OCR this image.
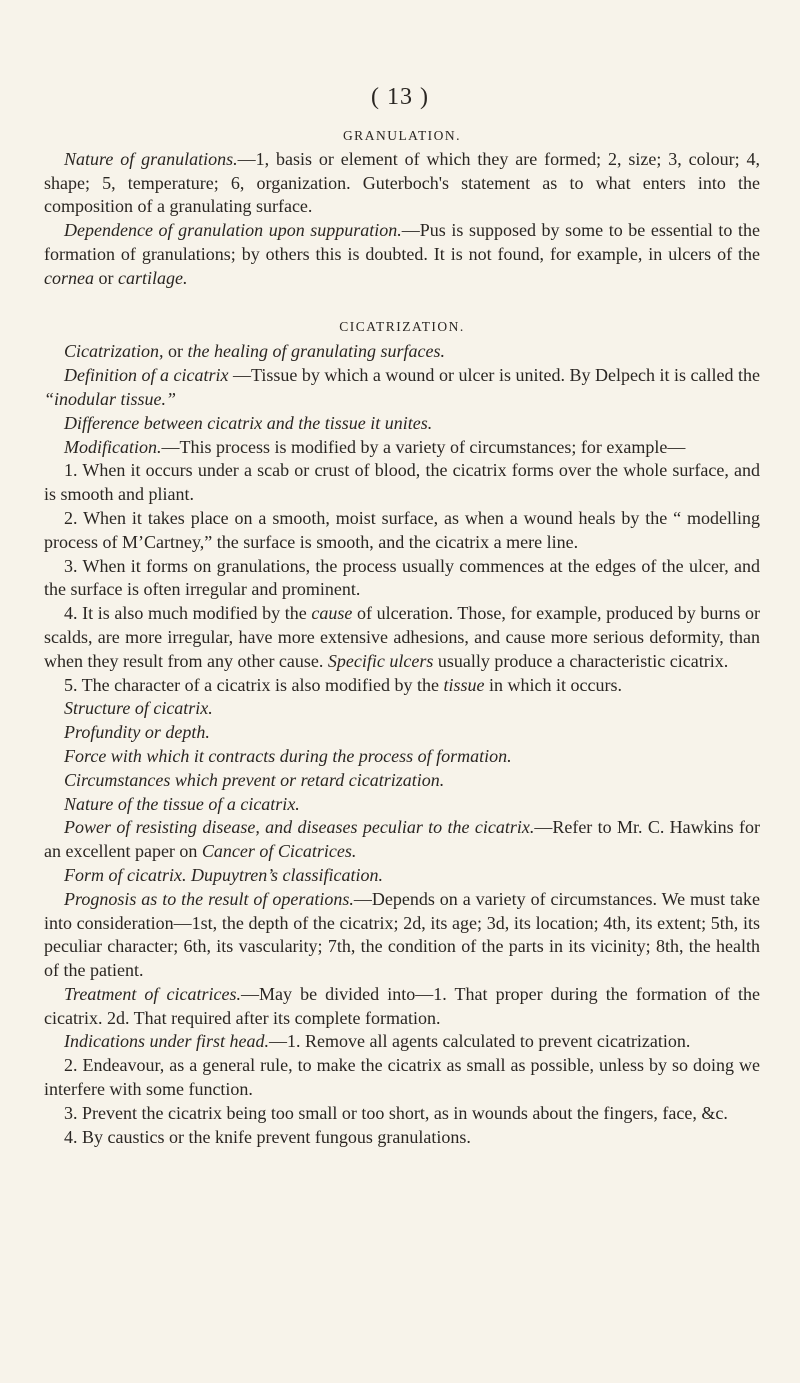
( 13 )

GRANULATION.

Nature of granulations.—1, basis or element of which they are formed; 2, size; 3, colour; 4, shape; 5, temperature; 6, organization. Guterboch's statement as to what enters into the composition of a granulating surface.

Dependence of granulation upon suppuration.—Pus is supposed by some to be essential to the formation of granulations; by others this is doubted. It is not found, for example, in ulcers of the cornea or cartilage.

CICATRIZATION.

Cicatrization, or the healing of granulating surfaces.

Definition of a cicatrix —Tissue by which a wound or ulcer is united. By Delpech it is called the “inodular tissue.”

Difference between cicatrix and the tissue it unites.

Modification.—This process is modified by a variety of circumstances; for example—

1. When it occurs under a scab or crust of blood, the cicatrix forms over the whole surface, and is smooth and pliant.

2. When it takes place on a smooth, moist surface, as when a wound heals by the “ modelling process of M’Cartney,” the surface is smooth, and the cicatrix a mere line.

3. When it forms on granulations, the process usually commences at the edges of the ulcer, and the surface is often irregular and prominent.

4. It is also much modified by the cause of ulceration. Those, for example, produced by burns or scalds, are more irregular, have more extensive adhesions, and cause more serious deformity, than when they result from any other cause. Specific ulcers usually produce a characteristic cicatrix.

5. The character of a cicatrix is also modified by the tissue in which it occurs.

Structure of cicatrix.

Profundity or depth.

Force with which it contracts during the process of formation.

Circumstances which prevent or retard cicatrization.

Nature of the tissue of a cicatrix.

Power of resisting disease, and diseases peculiar to the cicatrix.—Refer to Mr. C. Hawkins for an excellent paper on Cancer of Cicatrices.

Form of cicatrix. Dupuytren’s classification.

Prognosis as to the result of operations.—Depends on a variety of circumstances. We must take into consideration—1st, the depth of the cicatrix; 2d, its age; 3d, its location; 4th, its extent; 5th, its peculiar character; 6th, its vascularity; 7th, the condition of the parts in its vicinity; 8th, the health of the patient.

Treatment of cicatrices.—May be divided into—1. That proper during the formation of the cicatrix. 2d. That required after its complete formation.

Indications under first head.—1. Remove all agents calculated to prevent cicatrization.

2. Endeavour, as a general rule, to make the cicatrix as small as possible, unless by so doing we interfere with some function.

3. Prevent the cicatrix being too small or too short, as in wounds about the fingers, face, &c.

4. By caustics or the knife prevent fungous granulations.
